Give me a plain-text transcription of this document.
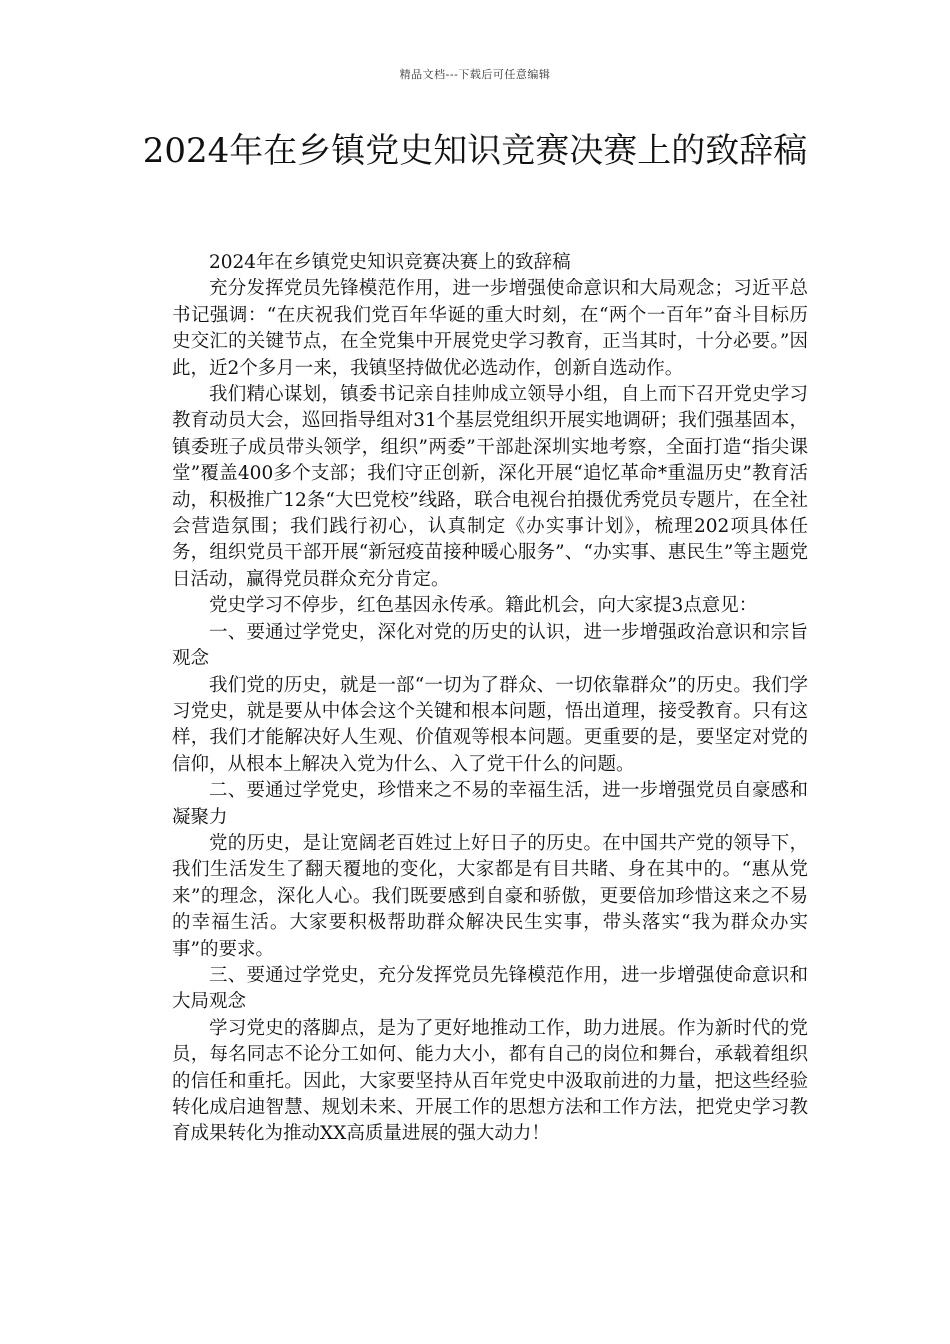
精品文档---下载后可任意编辑
2024年在乡镇党史知识竞赛决赛上的致辞稿

2024年在乡镇党史知识竞赛决赛上的致辞稿

充分发挥党员先锋模范作用，进一步增强使命意识和大局观念；习近平总书记强调：“在庆祝我们党百年华诞的重大时刻，在“两个一百年”奋斗目标历史交汇的关键节点，在全党集中开展党史学习教育，正当其时，十分必要。”因此，近2个多月一来，我镇坚持做优必选动作，创新自选动作。

我们精心谋划，镇委书记亲自挂帅成立领导小组，自上而下召开党史学习教育动员大会，巡回指导组对31个基层党组织开展实地调研；我们强基固本，镇委班子成员带头领学，组织”两委”干部赴深圳实地考察，全面打造“指尖课堂”覆盖400多个支部；我们守正创新，深化开展“追忆革命*重温历史”教育活动，积极推广12条“大巴党校”线路，联合电视台拍摄优秀党员专题片，在全社会营造氛围；我们践行初心，认真制定《办实事计划》，梳理202项具体任务，组织党员干部开展“新冠疫苗接种暖心服务”、“办实事、惠民生”等主题党日活动，赢得党员群众充分肯定。

党史学习不停步，红色基因永传承。籍此机会，向大家提3点意见：

一、要通过学党史，深化对党的历史的认识，进一步增强政治意识和宗旨观念

我们党的历史，就是一部“一切为了群众、一切依靠群众”的历史。我们学习党史，就是要从中体会这个关键和根本问题，悟出道理，接受教育。只有这样，我们才能解决好人生观、价值观等根本问题。更重要的是，要坚定对党的信仰，从根本上解决入党为什么、入了党干什么的问题。

二、要通过学党史，珍惜来之不易的幸福生活，进一步增强党员自豪感和凝聚力

党的历史，是让宽阔老百姓过上好日子的历史。在中国共产党的领导下，我们生活发生了翻天覆地的变化，大家都是有目共睹、身在其中的。“惠从党来”的理念，深化人心。我们既要感到自豪和骄傲，更要倍加珍惜这来之不易的幸福生活。大家要积极帮助群众解决民生实事，带头落实“我为群众办实事”的要求。

三、要通过学党史，充分发挥党员先锋模范作用，进一步增强使命意识和大局观念

学习党史的落脚点，是为了更好地推动工作，助力进展。作为新时代的党员，每名同志不论分工如何、能力大小，都有自己的岗位和舞台，承载着组织的信任和重托。因此，大家要坚持从百年党史中汲取前进的力量，把这些经验转化成启迪智慧、规划未来、开展工作的思想方法和工作方法，把党史学习教育成果转化为推动XX高质量进展的强大动力！
